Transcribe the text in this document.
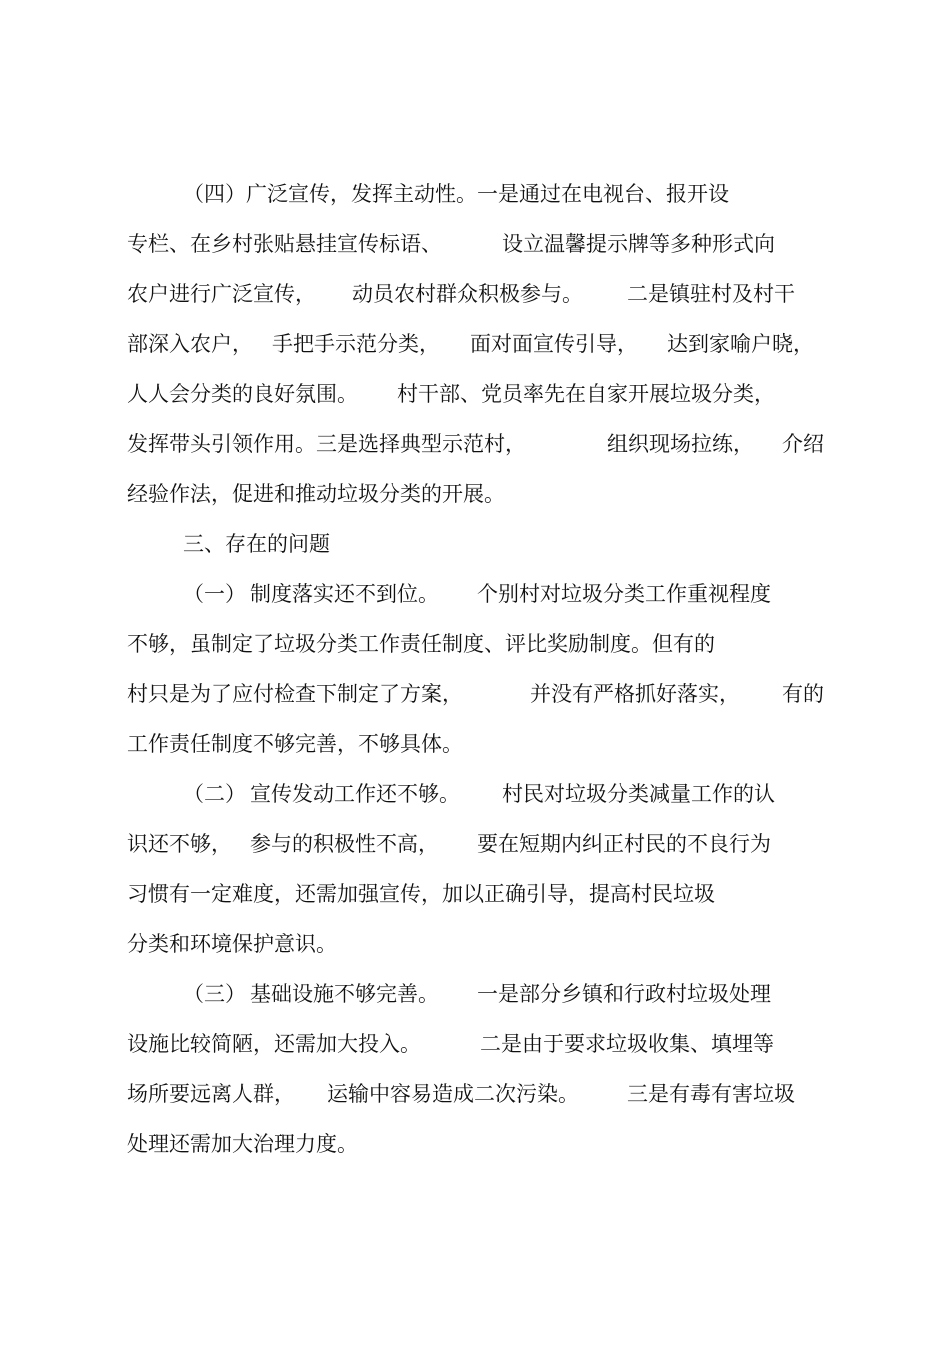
（四）广泛宣传，发挥主动性。一是通过在电视台、报开设

专栏、在乡村张贴悬挂宣传标语、

	设立温馨提示牌等多种形式向

农户进行广泛宣传，

动员农村群众积极参与。

二是镇驻村及村干

部深入农户，

手把手示范分类，

面对面宣传引导，

达到家喻户晓，

人人会分类的良好氛围。

村干部、党员率先在自家开展垃圾分类，

发挥带头引领作用。三是选择典型示范村，

	组织现场拉练，

介绍

经验作法，促进和推动垃圾分类的开展。

三、存在的问题

（一）

制度落实还不到位。

个别村对垃圾分类工作重视程度

不够，虽制定了垃圾分类工作责任制度、评比奖励制度。但有的

村只是为了应付检查下制定了方案，

	并没有严格抓好落实，

有的

工作责任制度不够完善，不够具体。

（二）

宣传发动工作还不够。

村民对垃圾分类减量工作的认

识还不够，

参与的积极性不高，

要在短期内纠正村民的不良行为

习惯有一定难度，还需加强宣传，加以正确引导，提高村民垃圾

分类和环境保护意识。

（三）

基础设施不够完善。

一是部分乡镇和行政村垃圾处理

设施比较简陋，还需加大投入。

	二是由于要求垃圾收集、填埋等

场所要远离人群，

运输中容易造成二次污染。

三是有毒有害垃圾

处理还需加大治理力度。
